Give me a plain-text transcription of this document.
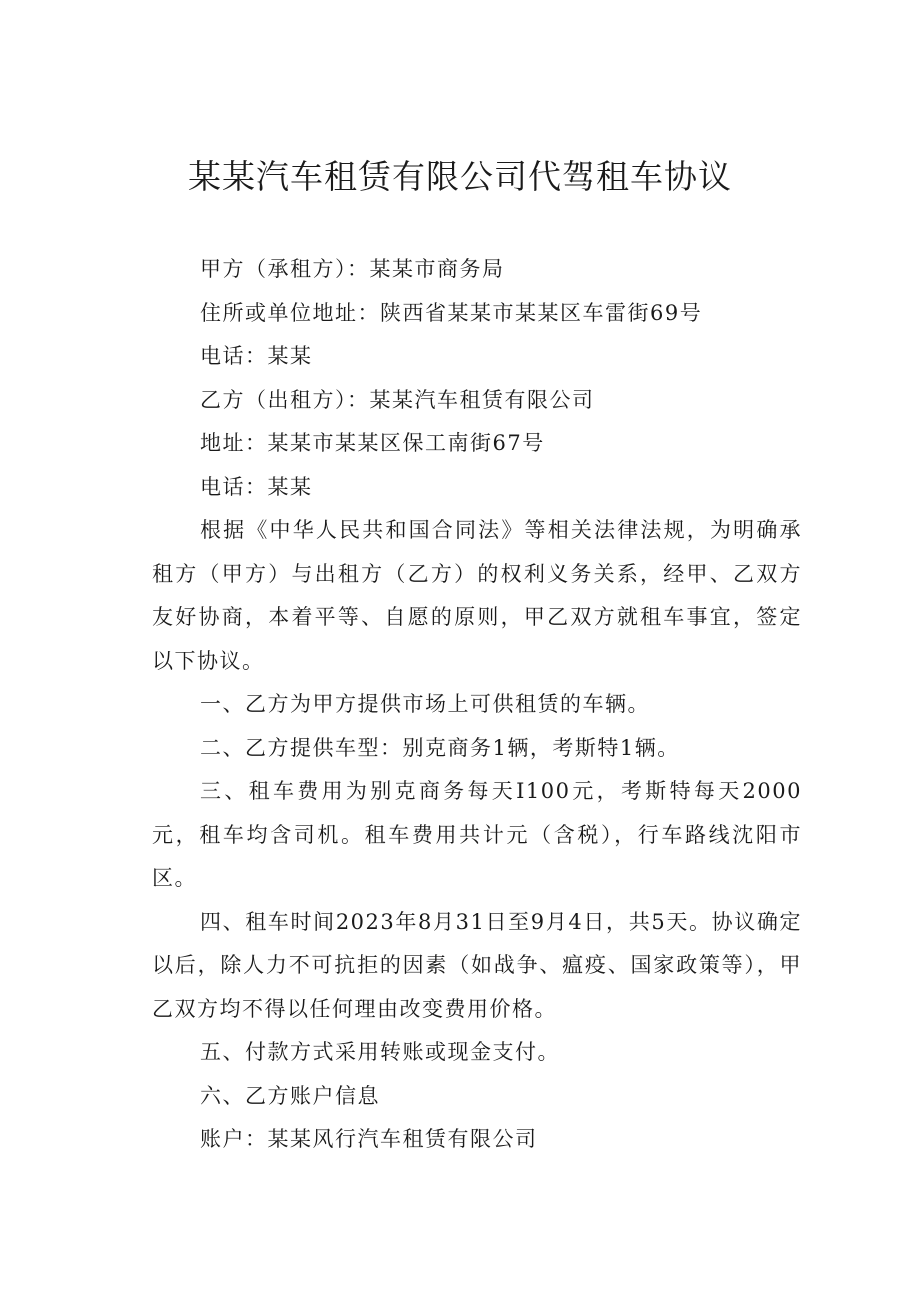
某某汽车租赁有限公司代驾租车协议

甲方（承租方）：某某市商务局

住所或单位地址：陕西省某某市某某区车雷街69号

电话：某某

乙方（出租方）：某某汽车租赁有限公司

地址：某某市某某区保工南街67号

电话：某某

根据《中华人民共和国合同法》等相关法律法规，为明确承租方（甲方）与出租方（乙方）的权利义务关系，经甲、乙双方友好协商，本着平等、自愿的原则，甲乙双方就租车事宜，签定以下协议。

一、乙方为甲方提供市场上可供租赁的车辆。

二、乙方提供车型：别克商务1辆，考斯特1辆。

三、租车费用为别克商务每天I100元，考斯特每天2000元，租车均含司机。租车费用共计元（含税），行车路线沈阳市区。

四、租车时间2023年8月31日至9月4日，共5天。协议确定以后，除人力不可抗拒的因素（如战争、瘟疫、国家政策等），甲乙双方均不得以任何理由改变费用价格。

五、付款方式采用转账或现金支付。

六、乙方账户信息

账户：某某风行汽车租赁有限公司
